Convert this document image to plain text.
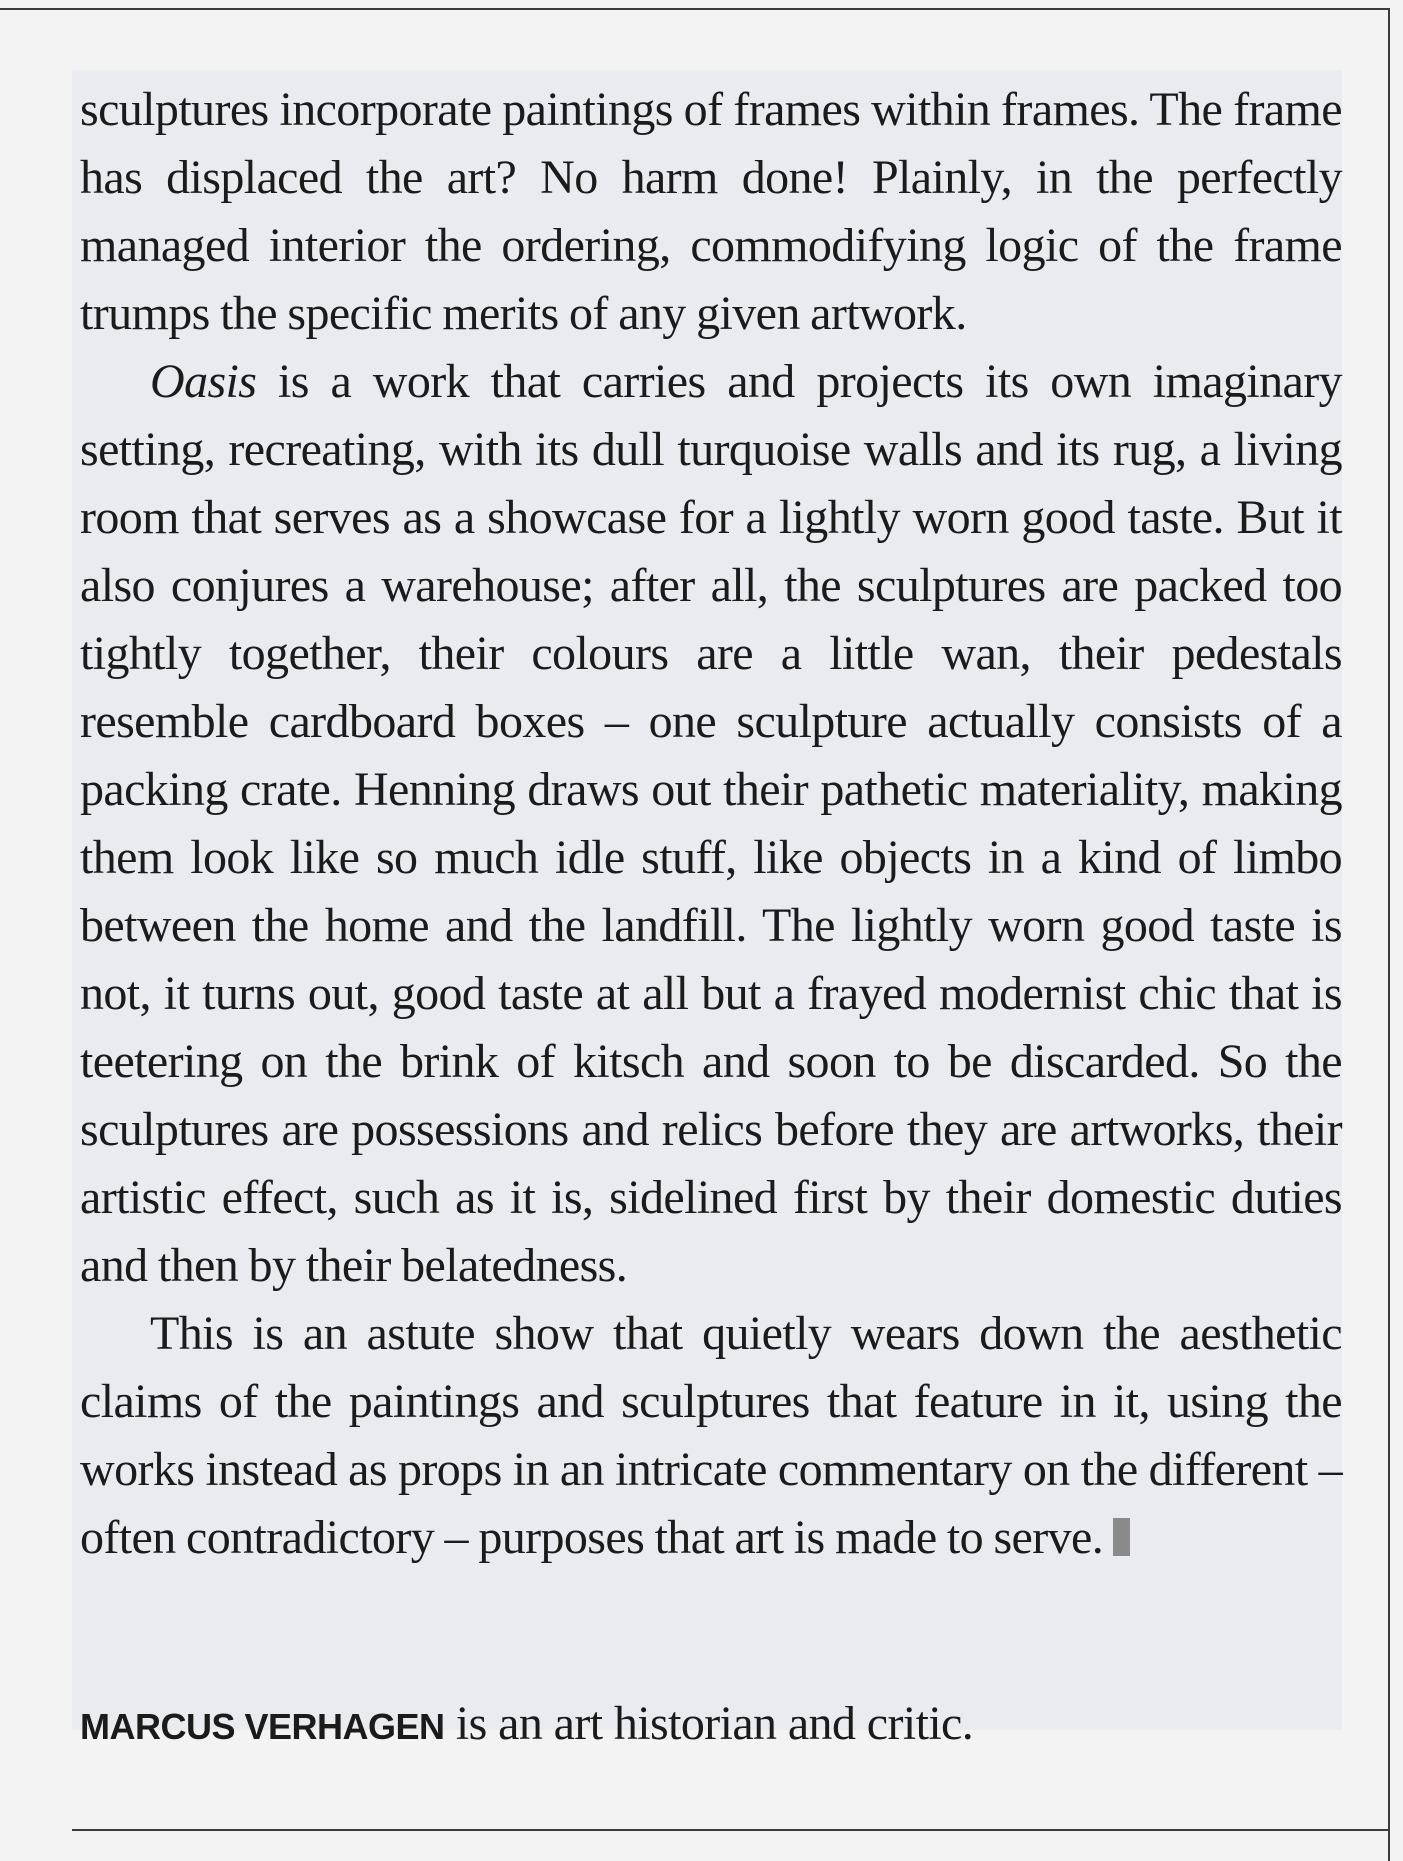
sculptures incorporate paintings of frames within frames. The frame has displaced the art? No harm done! Plainly, in the perfectly managed interior the ordering, commodifying logic of the frame trumps the specific merits of any given artwork.

Oasis is a work that carries and projects its own imaginary setting, recreating, with its dull turquoise walls and its rug, a living room that serves as a showcase for a lightly worn good taste. But it also conjures a warehouse; after all, the sculptures are packed too tightly together, their colours are a little wan, their pedestals resemble cardboard boxes – one sculpture actually consists of a packing crate. Henning draws out their pathetic materiality, making them look like so much idle stuff, like objects in a kind of limbo between the home and the landfill. The lightly worn good taste is not, it turns out, good taste at all but a frayed modernist chic that is teetering on the brink of kitsch and soon to be discarded. So the sculptures are possessions and relics before they are artworks, their artistic effect, such as it is, sidelined first by their domestic duties and then by their belatedness.

This is an astute show that quietly wears down the aesthetic claims of the paintings and sculptures that feature in it, using the works instead as props in an intricate commentary on the different – often contradictory – purposes that art is made to serve.

MARCUS VERHAGEN is an art historian and critic.
